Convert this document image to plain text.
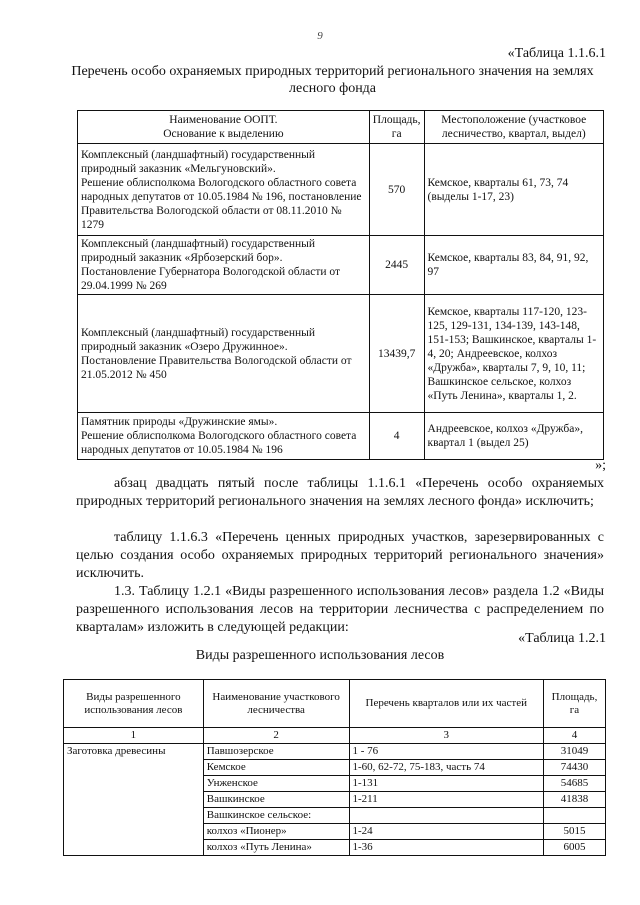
9
«Таблица 1.1.6.1
Перечень особо охраняемых природных территорий регионального значения на землях лесного фонда
Наименование ООПТ.
Основание к выделению	Площадь, га	Местоположение (участковое лесничество, квартал, выдел)
Комплексный (ландшафтный) государственный природный заказник «Мельгуновский».
Решение облисполкома Вологодского областного совета народных депутатов от 10.05.1984 № 196, постановление Правительства Вологодской области от 08.11.2010 № 1279	570	Кемское, кварталы 61, 73, 74 (выделы 1-17, 23)
Комплексный (ландшафтный) государственный природный заказник «Ярбозерский бор».
Постановление Губернатора Вологодской области от 29.04.1999 № 269	2445	Кемское, кварталы 83, 84, 91, 92, 97
Комплексный (ландшафтный) государственный природный заказник «Озеро Дружинное».
Постановление Правительства Вологодской области от 21.05.2012 № 450	13439,7	Кемское, кварталы 117-120, 123-125, 129-131, 134-139, 143-148, 151-153; Вашкинское, кварталы 1-4, 20; Андреевское, колхоз «Дружба», кварталы 7, 9, 10, 11; Вашкинское сельское, колхоз «Путь Ленина», кварталы 1, 2.
Памятник природы «Дружинские ямы».
Решение облисполкома Вологодского областного совета народных депутатов от 10.05.1984 № 196	4	Андреевское, колхоз «Дружба», квартал 1 (выдел 25)
»;
абзац двадцать пятый после таблицы 1.1.6.1 «Перечень особо охраняемых природных территорий регионального значения на землях лесного фонда» исключить;
таблицу 1.1.6.3 «Перечень ценных природных участков, зарезервированных с целью создания особо охраняемых природных территорий регионального значения» исключить.
1.3. Таблицу 1.2.1 «Виды разрешенного использования лесов» раздела 1.2 «Виды разрешенного использования лесов на территории лесничества с распределением по кварталам» изложить в следующей редакции:
«Таблица 1.2.1
Виды разрешенного использования лесов
Виды разрешенного использования лесов	Наименование участкового лесничества	Перечень кварталов или их частей	Площадь, га
1	2	3	4
Заготовка древесины	Павшозерское	1 - 76	31049
	Кемское	1-60, 62-72, 75-183, часть 74	74430
	Унженское	1-131	54685
	Вашкинское	1-211	41838
	Вашкинское сельское:		
	колхоз «Пионер»	1-24	5015
	колхоз «Путь Ленина»	1-36	6005
